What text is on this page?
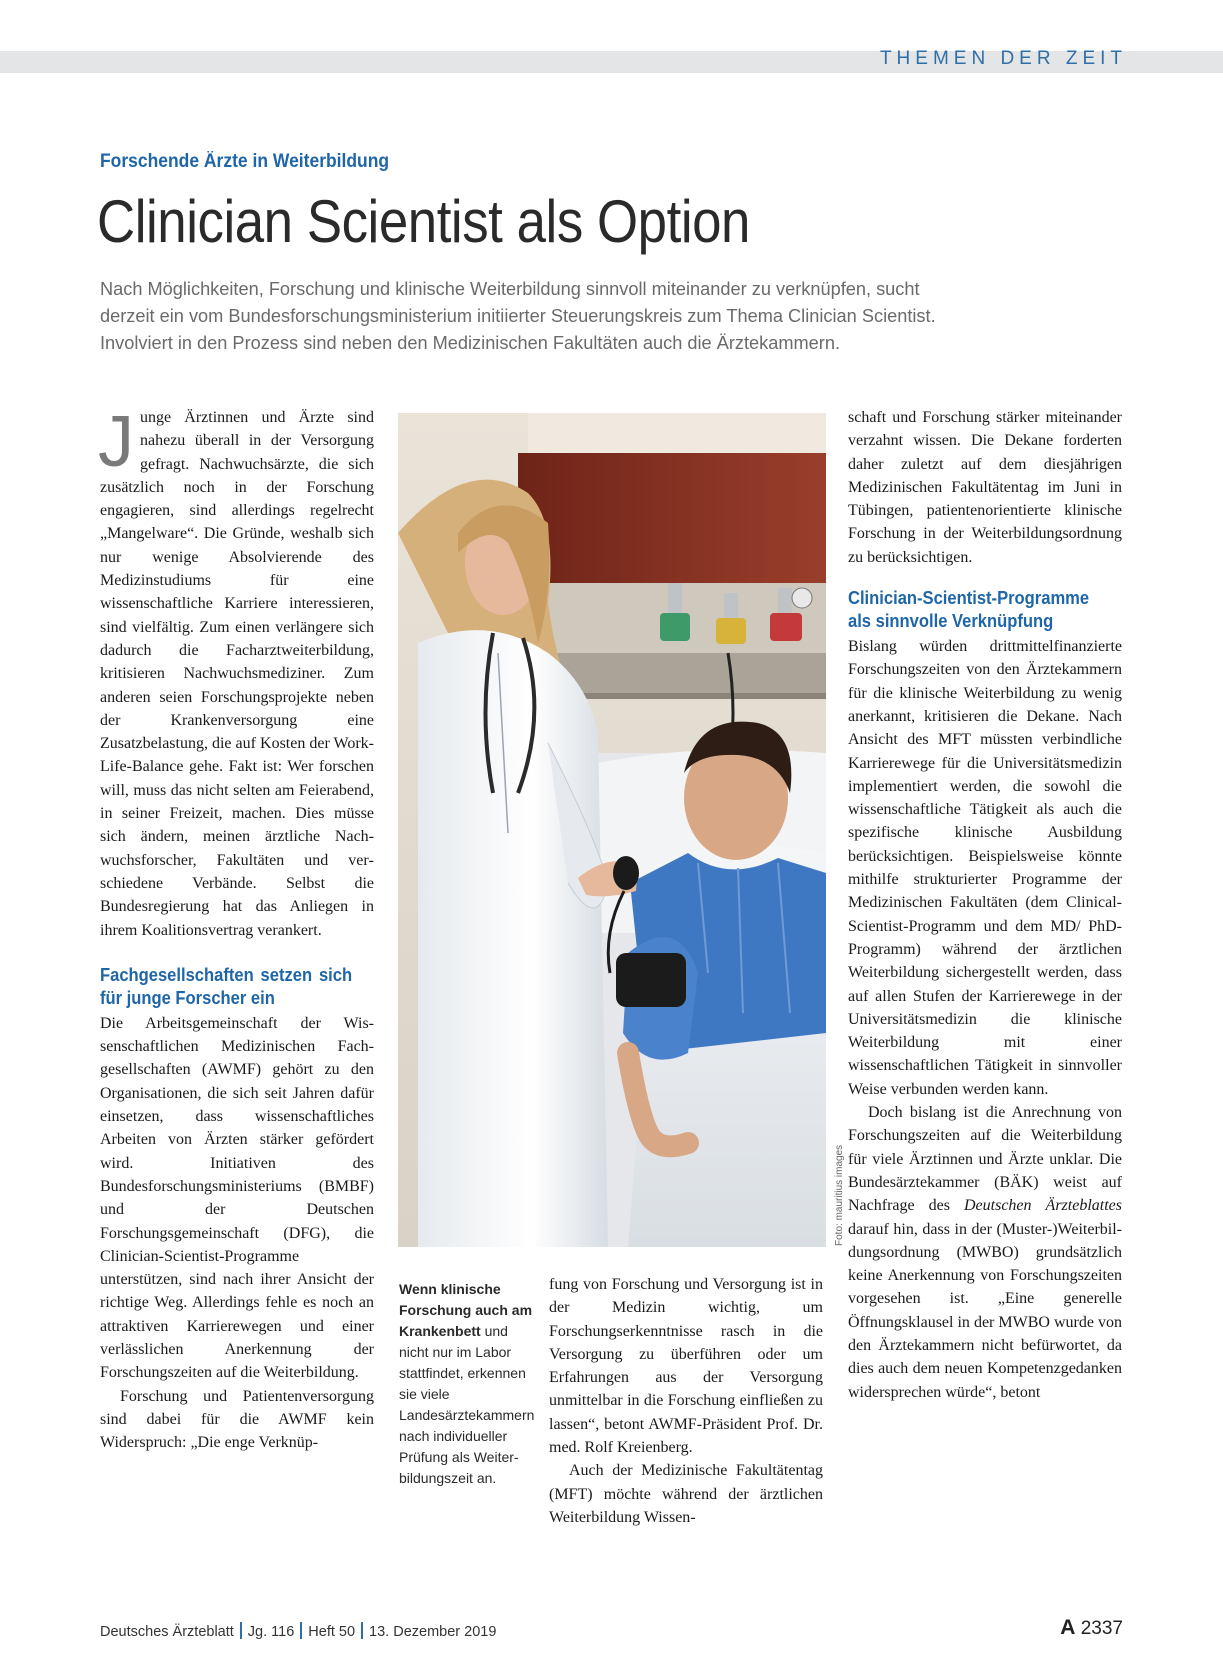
THEMEN DER ZEIT
Forschende Ärzte in Weiterbildung
Clinician Scientist als Option
Nach Möglichkeiten, Forschung und klinische Weiterbildung sinnvoll miteinander zu verknüpfen, sucht
derzeit ein vom Bundesforschungsministerium initiierter Steuerungskreis zum Thema Clinician Scientist.
Involviert in den Prozess sind neben den Medizinischen Fakultäten auch die Ärztekammern.

Junge Ärztinnen und Ärzte sind nahezu überall in der Versorgung gefragt. Nachwuchsärzte, die sich zusätzlich noch in der Forschung engagieren, sind allerdings regelrecht „Mangelware“. Die Gründe, weshalb sich nur wenige Absolvierende des Medizinstudiums für eine wissenschaftliche Karriere interessieren, sind vielfältig. Zum einen verlängere sich dadurch die Facharztweiterbildung, kritisieren Nachwuchsmediziner. Zum anderen seien Forschungsprojekte neben der Krankenversorgung eine Zusatzbelastung, die auf Kosten der Work-Life-Balance gehe. Fakt ist: Wer forschen will, muss das nicht selten am Feierabend, in seiner Freizeit, machen. Dies müsse sich ändern, meinen ärztliche Nachwuchsforscher, Fakultäten und verschiedene Verbände. Selbst die Bundesregierung hat das Anliegen in ihrem Koalitionsvertrag verankert.

Fachgesellschaften setzen sich für junge Forscher ein

Die Arbeitsgemeinschaft der Wissenschaftlichen Medizinischen Fachgesellschaften (AWMF) gehört zu den Organisationen, die sich seit Jahren dafür einsetzen, dass wissenschaftliches Arbeiten von Ärzten stärker gefördert wird. Initiativen des Bundesforschungsministeriums (BMBF) und der Deutschen Forschungsgemeinschaft (DFG), die Clinician-Scientist-Programme unterstützen, sind nach ihrer Ansicht der richtige Weg. Allerdings fehle es noch an attraktiven Karrierewegen und einer verlässlichen Anerkennung der Forschungszeiten auf die Weiterbildung.

Forschung und Patientenversorgung sind dabei für die AWMF kein Widerspruch: „Die enge Verknüp-

Foto: mauritius images
Wenn klinische Forschung auch am Krankenbett und nicht nur im Labor stattfindet, erkennen sie viele Landesärztekammern nach individueller Prüfung als Weiterbildungszeit an.

fung von Forschung und Versorgung ist in der Medizin wichtig, um Forschungserkenntnisse rasch in die Versorgung zu überführen oder um Erfahrungen aus der Versorgung unmittelbar in die Forschung einfließen zu lassen“, betont AWMF-Präsident Prof. Dr. med. Rolf Kreienberg.

Auch der Medizinische Fakultätentag (MFT) möchte während der ärztlichen Weiterbildung Wissen-

schaft und Forschung stärker miteinander verzahnt wissen. Die Dekane forderten daher zuletzt auf dem diesjährigen Medizinischen Fakultätentag im Juni in Tübingen, patientenorientierte klinische Forschung in der Weiterbildungsordnung zu berücksichtigen.

Clinician-Scientist-Programme als sinnvolle Verknüpfung

Bislang würden drittmittelfinanzierte Forschungszeiten von den Ärztekammern für die klinische Weiterbildung zu wenig anerkannt, kritisieren die Dekane. Nach Ansicht des MFT müssten verbindliche Karrierewege für die Universitätsmedizin implementiert werden, die sowohl die wissenschaftliche Tätigkeit als auch die spezifische klinische Ausbildung berücksichtigen. Beispielsweise könnte mithilfe strukturierter Programme der Medizinischen Fakultäten (dem Clinical-Scientist-Programm und dem MD/ PhD-Programm) während der ärztlichen Weiterbildung sichergestellt werden, dass auf allen Stufen der Karrierewege in der Universitätsmedizin die klinische Weiterbildung mit einer wissenschaftlichen Tätigkeit in sinnvoller Weise verbunden werden kann.

Doch bislang ist die Anrechnung von Forschungszeiten auf die Weiterbildung für viele Ärztinnen und Ärzte unklar. Die Bundesärztekammer (BÄK) weist auf Nachfrage des Deutschen Ärzteblattes darauf hin, dass in der (Muster-)Weiterbildungsordnung (MWBO) grundsätzlich keine Anerkennung von Forschungszeiten vorgesehen ist. „Eine generelle Öffnungsklausel in der MWBO wurde von den Ärztekammern nicht befürwortet, da dies auch dem neuen Kompetenzgedanken widersprechen würde“, betont

Deutsches Ärzteblatt Jg. 116 Heft 50 13. Dezember 2019	A 2337
